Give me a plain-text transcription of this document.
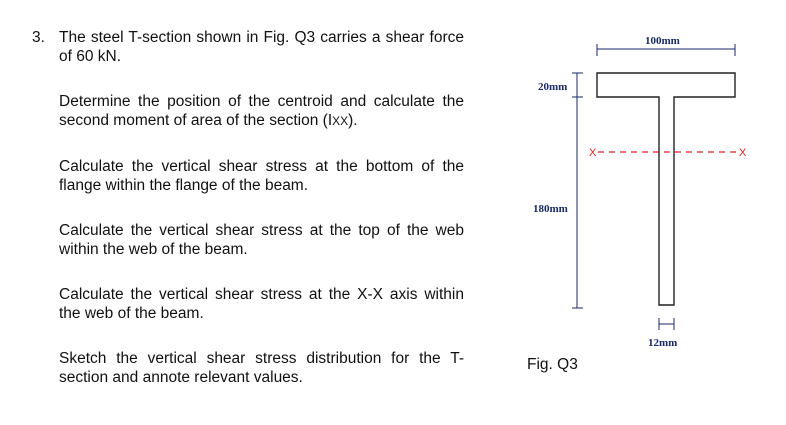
3. The steel T-section shown in Fig. Q3 carries a shear force of 60 kN.
Determine the position of the centroid and calculate the second moment of area of the section (IXX).
Calculate the vertical shear stress at the bottom of the flange within the flange of the beam.
Calculate the vertical shear stress at the top of the web within the web of the beam.
Calculate the vertical shear stress at the X-X axis within the web of the beam.
Sketch the vertical shear stress distribution for the T-section and annote relevant values.
100mm
20mm
180mm
X	X
12mm
Fig. Q3
